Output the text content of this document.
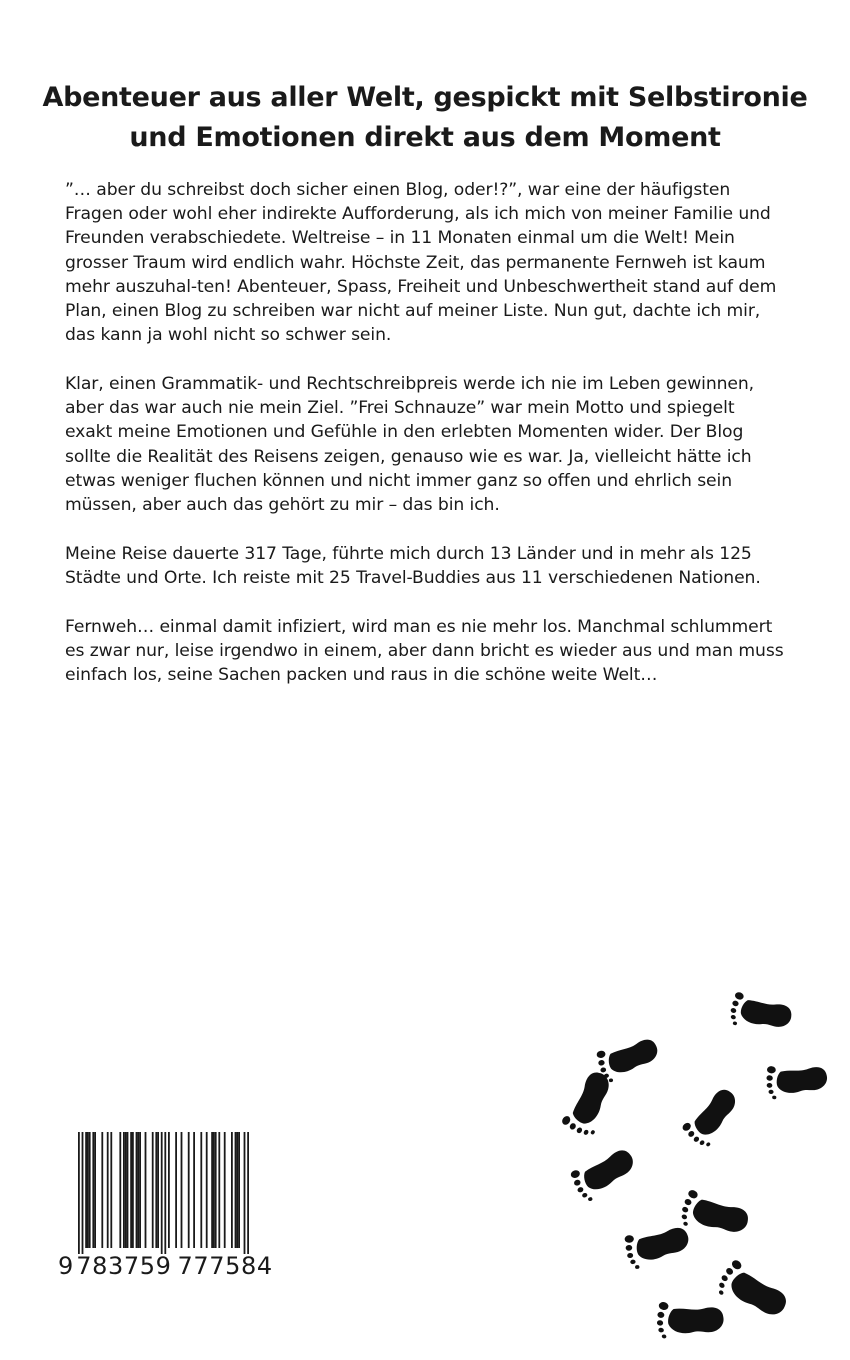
Abenteuer aus aller Welt, gespickt mit Selbstironie
und Emotionen direkt aus dem Moment

”… aber du schreibst doch sicher einen Blog, oder!?”, war eine der häufigsten Fragen oder wohl eher indirekte Aufforderung, als ich mich von meiner Familie und Freunden verabschiedete. Weltreise – in 11 Monaten einmal um die Welt! Mein grosser Traum wird endlich wahr. Höchste Zeit, das permanente Fernweh ist kaum mehr auszuhal-ten! Abenteuer, Spass, Freiheit und Unbeschwertheit stand auf dem Plan, einen Blog zu schreiben war nicht auf meiner Liste. Nun gut, dachte ich mir, das kann ja wohl nicht so schwer sein.

Klar, einen Grammatik- und Rechtschreibpreis werde ich nie im Leben gewinnen, aber das war auch nie mein Ziel. ”Frei Schnauze” war mein Motto und spiegelt exakt meine Emotionen und Gefühle in den erlebten Momenten wider. Der Blog sollte die Realität des Reisens zeigen, genauso wie es war. Ja, vielleicht hätte ich etwas weniger fluchen können und nicht immer ganz so offen und ehrlich sein müssen, aber auch das gehört zu mir – das bin ich.

Meine Reise dauerte 317 Tage, führte mich durch 13 Länder und in mehr als 125 Städte und Orte. Ich reiste mit 25 Travel-Buddies aus 11 verschiedenen Nationen.

Fernweh… einmal damit infiziert, wird man es nie mehr los. Manchmal schlummert es zwar nur, leise irgendwo in einem, aber dann bricht es wieder aus und man muss einfach los, seine Sachen packen und raus in die schöne weite Welt…

9 783759 777584
